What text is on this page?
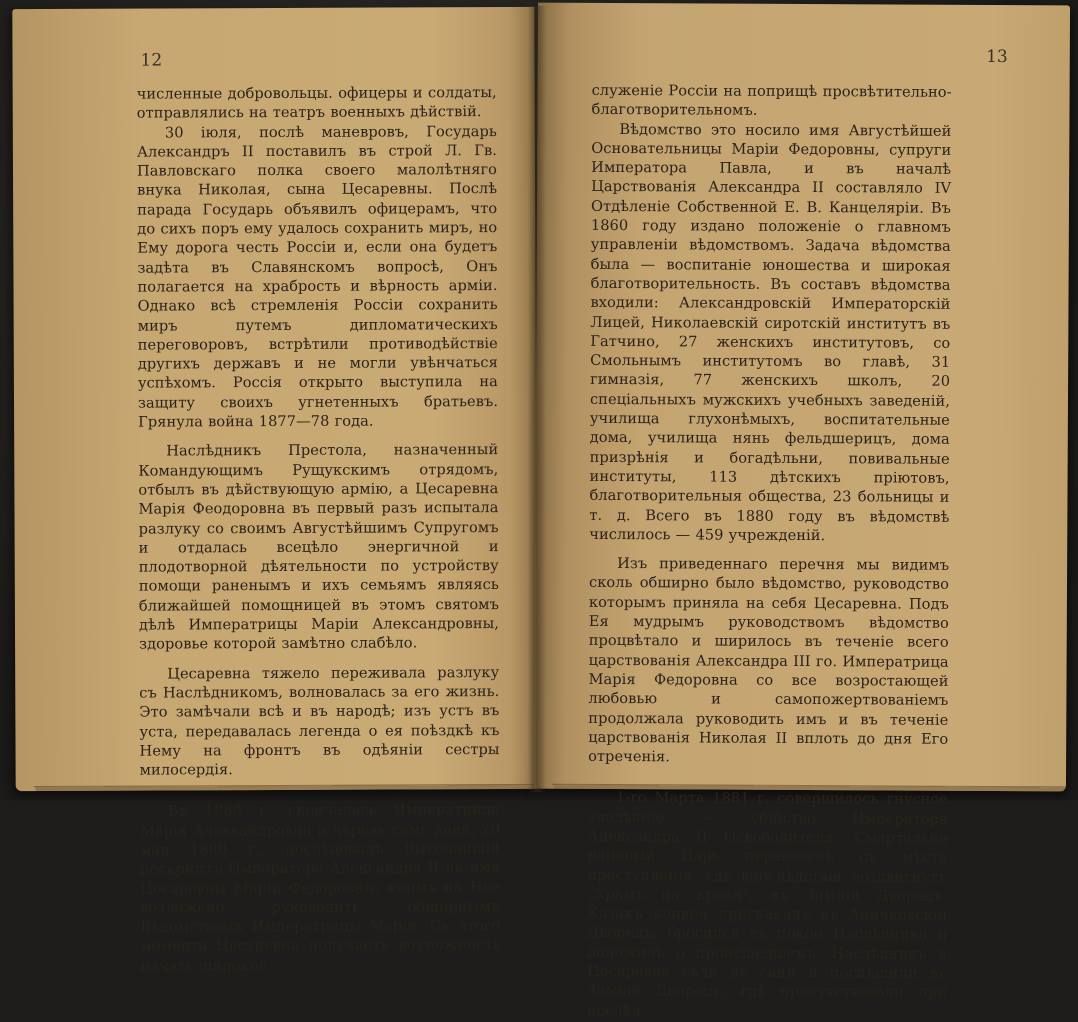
12

численные добровольцы. офицеры и солдаты, отправлялись на театръ военныхъ дѣйствiй.

30 iюля, послѣ маневровъ, Государь Александръ II поставилъ въ строй Л. Гв. Павловскаго полка своего малолѣтняго внука Николая, сына Цесаревны. Послѣ парада Государь объявилъ офицерамъ, что до сихъ поръ ему удалось сохранить миръ, но Ему дорога честь Россiи и, если она будетъ задѣта въ Славянскомъ вопросѣ, Онъ полагается на храбрость и вѣрность армiи. Однако всѣ стремленiя Россiи сохранить миръ путемъ дипломатическихъ переговоровъ, встрѣтили противодѣйствiе другихъ державъ и не могли увѣнчаться успѣхомъ. Россiя открыто выступила на защиту своихъ угнетенныхъ братьевъ. Грянула война 1877—78 года.

Наслѣдникъ Престола, назначенный Командующимъ Рущукскимъ отрядомъ, отбылъ въ дѣйствующую армiю, а Цесаревна Марiя Феодоровна въ первый разъ испытала разлуку со своимъ Августѣйшимъ Супругомъ и отдалась всецѣло энергичной и плодотворной дѣятельности по устройству помощи раненымъ и ихъ семьямъ являясь ближайшей помощницей въ этомъ святомъ дѣлѣ Императрицы Марiи Александровны, здоровье которой замѣтно слабѣло.

Цесаревна тяжело переживала разлуку съ Наслѣдникомъ, волновалась за его жизнь. Это замѣчали всѣ и въ народѣ; изъ устъ въ уста, передавалась легенда о ея поѣздкѣ къ Нему на фронтъ въ одѣянiи сестры милосердiя.

Въ 1880 г. скончалась Императрица Марiя Александровна и черезъ семь дней, 29 мая 1880 г., послѣдовалъ Высочайшiй рескриптъ Императора Александра II на имя Цесаревны Марiи Федоровны, коимъ на Нее возложено руководить обширнымъ Вѣдомствомъ Императрицы Марiи. Съ этого момента Цесаревна получаетъ возможность начать широкое

13

служенiе Россiи на поприщѣ просвѣтительно-благотворительномъ.

Вѣдомство это носило имя Августѣйшей Основательницы Марiи Федоровны, супруги Императора Павла, и въ началѣ Царствованiя Александра II составляло IV Отдѣленiе Собственной Е. В. Канцелярiи. Въ 1860 году издано положенiе о главномъ управленiи вѣдомствомъ. Задача вѣдомства была — воспитанiе юношества и широкая благотворительность. Въ составъ вѣдомства входили: Александровскiй Императорскiй Лицей, Николаевскiй сиротскiй институтъ въ Гатчино, 27 женскихъ институтовъ, со Смольнымъ институтомъ во главѣ, 31 гимназiя, 77 женскихъ школъ, 20 спецiальныхъ мужскихъ учебныхъ заведенiй, училища глухонѣмыхъ, воспитательные дома, училища нянь фельдшерицъ, дома призрѣнiя и богадѣльни, повивальные институты, 113 дѣтскихъ прiютовъ, благотворительныя общества, 23 больницы и т. д. Всего въ 1880 году въ вѣдомствѣ числилось — 459 учрежденiй.

Изъ приведеннаго перечня мы видимъ сколь обширно было вѣдомство, руководство которымъ приняла на себя Цесаревна. Подъ Ея мудрымъ руководствомъ вѣдомство процвѣтало и ширилось въ теченiе всего царствованiя Александра III го. Императрица Марiя Федоровна со все возростающей любовью и самопожертвованiемъ продолжала руководить имъ и въ теченiе царствованiя Николая II вплоть до дня Его отреченiя.

1-го Марта 1881 г. совершилось гнусное злодѣянiе — убiйство Императора Александра II Освободителя. Смертельно раненый Царь перевезенъ съ мѣста преступленiя, гдѣ впослѣдствiи воздвигнутъ „Храмъ на крови“, въ Зимнiй Дворецъ. Казакъ конвоя прискакалъ въ Аничковскiй Дворецъ, бросился въ покои Наслѣдника и доложилъ о происшедшемъ. Наслѣдникъ и Цесаревна сѣли въ сани и поспѣшили въ Зимнiй Дворецъ, гдѣ присутствовали при послѣд-
